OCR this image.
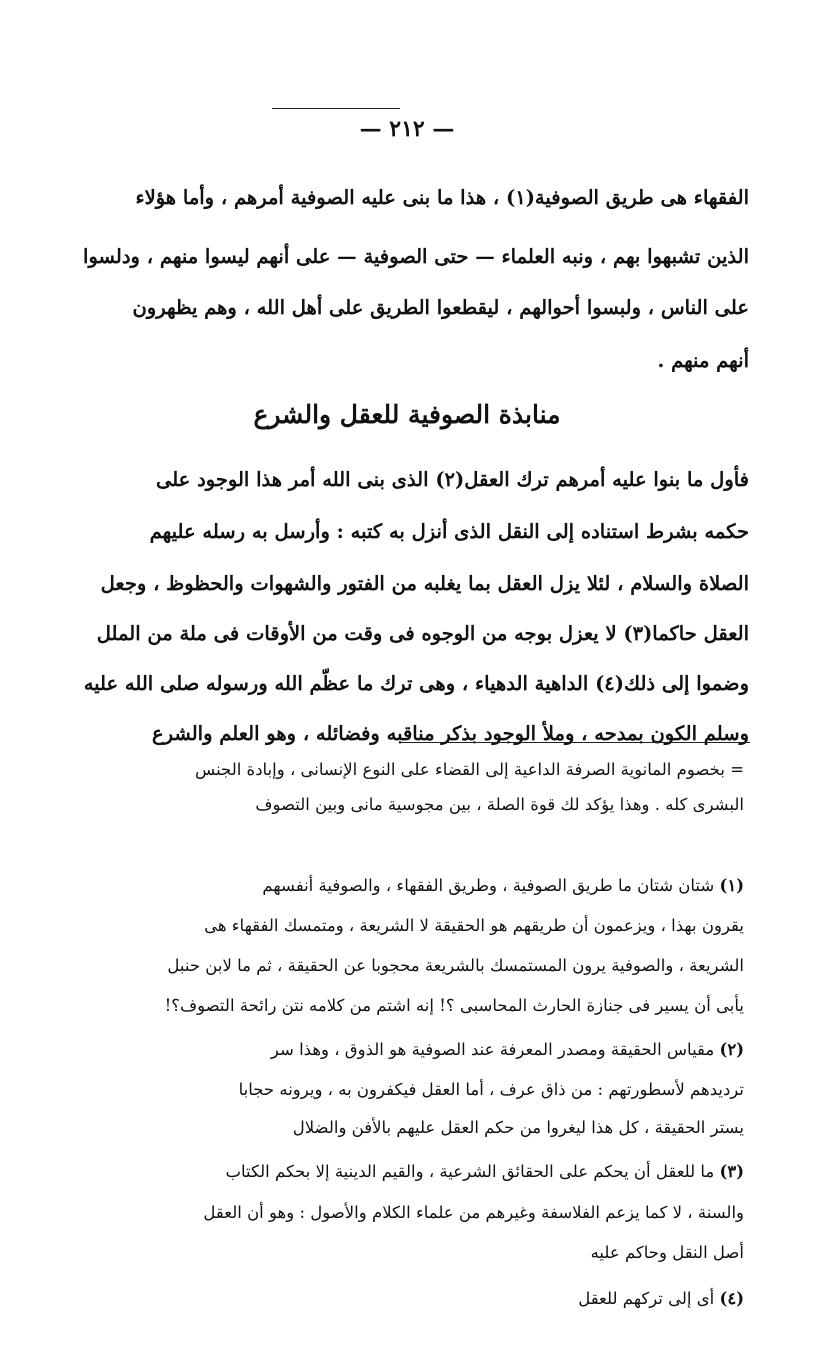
— ٢١٢ —
الفقهاء هى طريق الصوفية(١) ، هذا ما بنى عليه الصوفية أمرهم ، وأما هؤلاء
الذين تشبهوا بهم ، ونبه العلماء — حتى الصوفية — على أنهم ليسوا منهم ، ودلسوا
على الناس ، ولبسوا أحوالهم ، ليقطعوا الطريق على أهل الله ، وهم يظهرون
أنهم منهم .
منابذة الصوفية للعقل والشرع
فأول ما بنوا عليه أمرهم ترك العقل(٢) الذى بنى الله أمر هذا الوجود على
حكمه بشرط استناده إلى النقل الذى أنزل به كتبه : وأرسل به رسله عليهم
الصلاة والسلام ، لئلا يزل العقل بما يغلبه من الفتور والشهوات والحظوظ ، وجعل
العقل حاكما(٣) لا يعزل بوجه من الوجوه فى وقت من الأوقات فى ملة من الملل
وضموا إلى ذلك(٤) الداهية الدهياء ، وهى ترك ما عظّم الله ورسوله صلى الله عليه
وسلم الكون بمدحه ، وملأ الوجود بذكر مناقبه وفضائله ، وهو العلم والشرع
= بخصوم المانوية الصرفة الداعية إلى القضاء على النوع الإنسانى ، وإبادة الجنس
البشرى كله . وهذا يؤكد لك قوة الصلة ، بين مجوسية مانى وبين التصوف
(١) شتان شتان ما طريق الصوفية ، وطريق الفقهاء ، والصوفية أنفسهم
يقرون بهذا ، ويزعمون أن طريقهم هو الحقيقة لا الشريعة ، ومتمسك الفقهاء هى
الشريعة ، والصوفية يرون المستمسك بالشريعة محجوبا عن الحقيقة ، ثم ما لابن حنبل
يأبى أن يسير فى جنازة الحارث المحاسبى ؟! إنه اشتم من كلامه نتن رائحة التصوف؟!
(٢) مقياس الحقيقة ومصدر المعرفة عند الصوفية هو الذوق ، وهذا سر
ترديدهم لأسطورتهم : من ذاق عرف ، أما العقل فيكفرون به ، ويرونه حجابا
يستر الحقيقة ، كل هذا ليغروا من حكم العقل عليهم بالأفن والضلال
(٣) ما للعقل أن يحكم على الحقائق الشرعية ، والقيم الدينية إلا بحكم الكتاب
والسنة ، لا كما يزعم الفلاسفة وغيرهم من علماء الكلام والأصول : وهو أن العقل
أصل النقل وحاكم عليه
(٤) أى إلى تركهم للعقل
